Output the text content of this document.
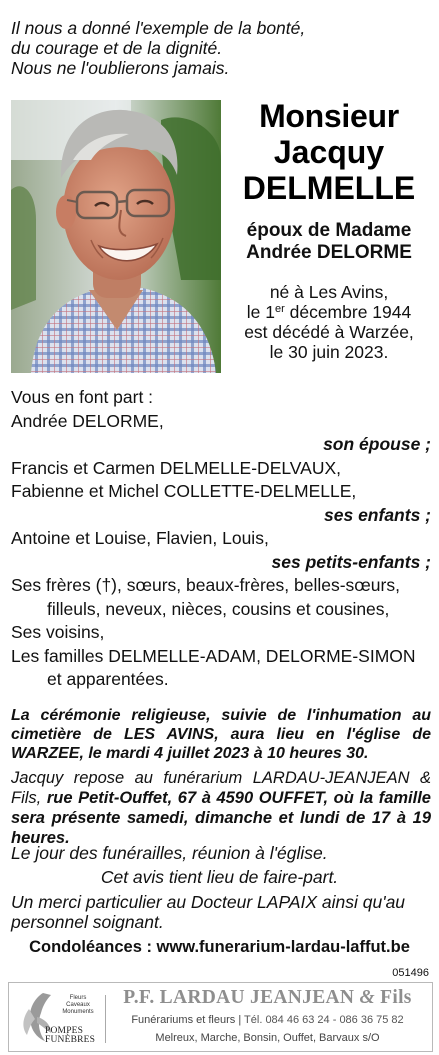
Il nous a donné l'exemple de la bonté,
du courage et de la dignité.
Nous ne l'oublierons jamais.
Monsieur
Jacquy
DELMELLE
époux de Madame
Andrée DELORME
né à Les Avins,
le 1er décembre 1944
est décédé à Warzée,
le 30 juin 2023.
Vous en font part :
Andrée DELORME,
son épouse ;
Francis et Carmen DELMELLE-DELVAUX,
Fabienne et Michel COLLETTE-DELMELLE,
ses enfants ;
Antoine et Louise, Flavien, Louis,
ses petits-enfants ;
Ses frères (†), sœurs, beaux-frères, belles-sœurs,
filleuls, neveux, nièces, cousins et cousines,
Ses voisins,
Les familles DELMELLE-ADAM, DELORME-SIMON
et apparentées.
La cérémonie religieuse, suivie de l'inhumation au cimetière de LES AVINS, aura lieu en l'église de WARZEE, le mardi 4 juillet 2023 à 10 heures 30.
Jacquy repose au funérarium LARDAU-JEANJEAN & Fils, rue Petit-Ouffet, 67 à 4590 OUFFET, où la famille sera présente samedi, dimanche et lundi de 17 à 19 heures.
Le jour des funérailles, réunion à l'église.
Cet avis tient lieu de faire-part.
Un merci particulier au Docteur LAPAIX ainsi qu'au personnel soignant.
Condoléances : www.funerarium-lardau-laffut.be
051496
Fleurs
Caveaux
Monuments
POMPES
FUNÈBRES
P.F. LARDAU JEANJEAN & Fils
Funérariums et fleurs | Tél. 084 46 63 24 - 086 36 75 82
Melreux, Marche, Bonsin, Ouffet, Barvaux s/O
